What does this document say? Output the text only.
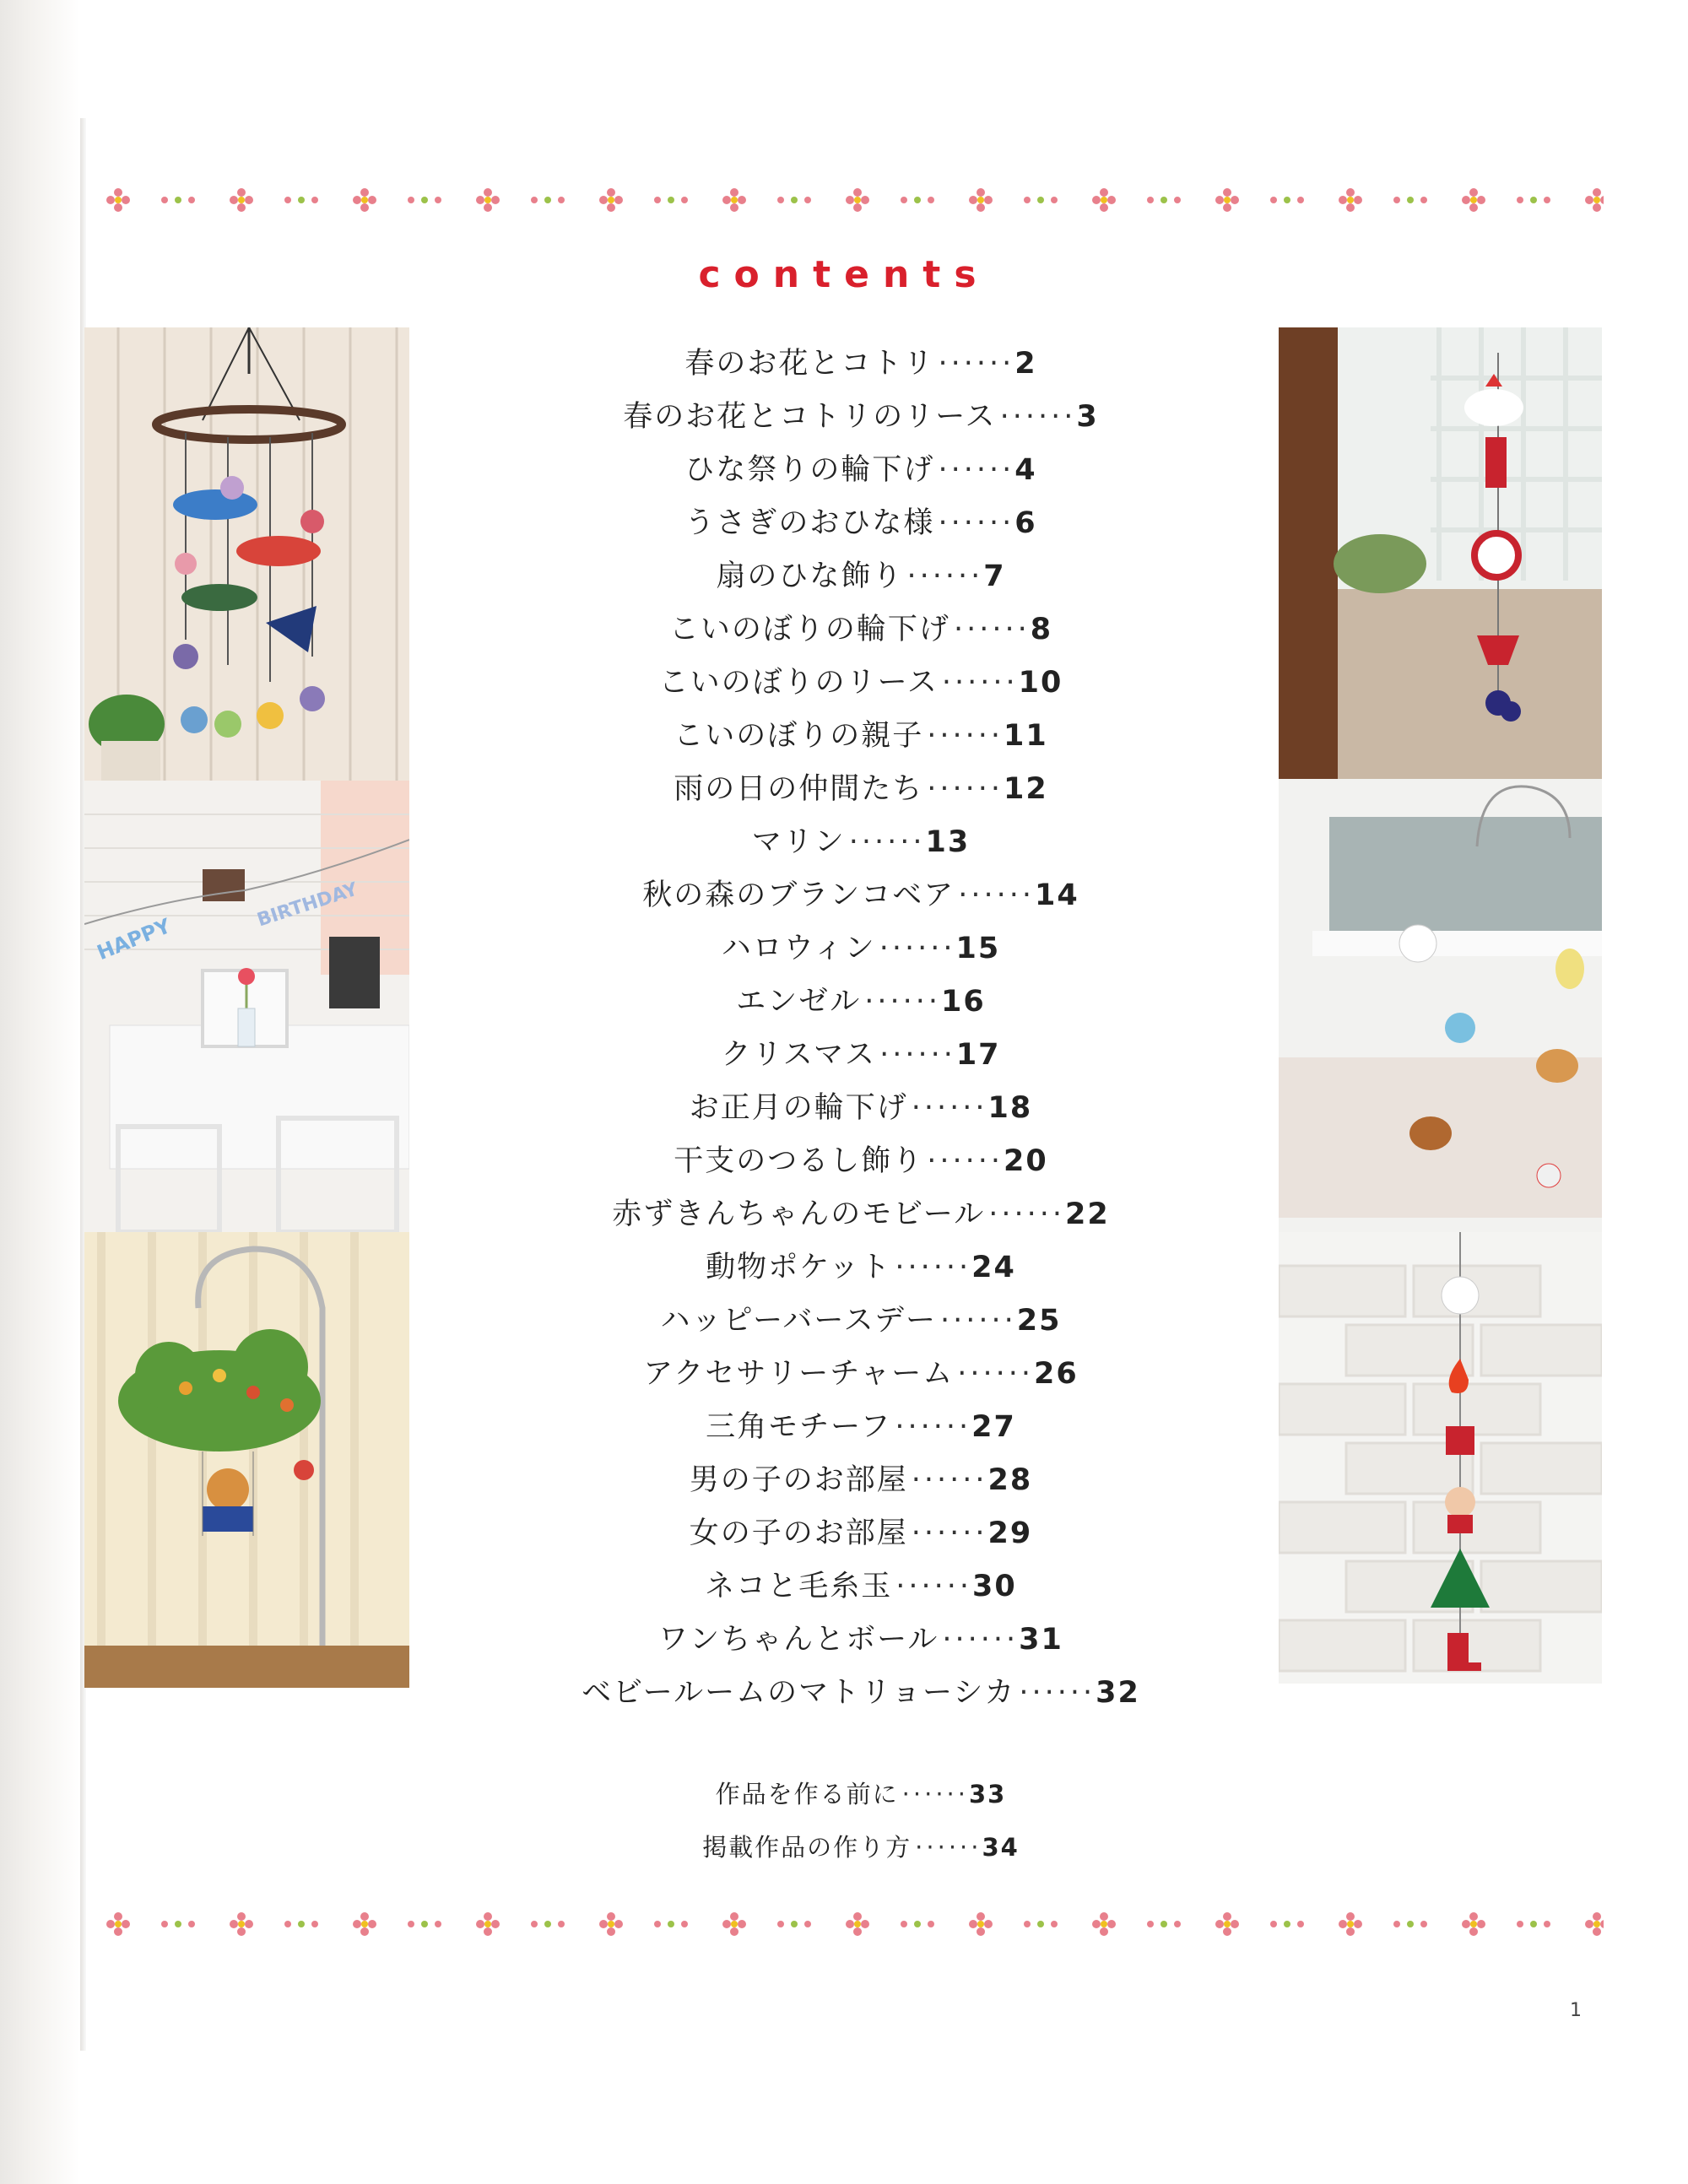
contents
HAPPY
BIRTHDAY
春のお花とコトリ ······2
春のお花とコトリのリース ······3
ひな祭りの輪下げ ······4
うさぎのおひな様 ······6
扇のひな飾り ······7
こいのぼりの輪下げ ······8
こいのぼりのリース ······10
こいのぼりの親子 ······11
雨の日の仲間たち ······12
マリン ······13
秋の森のブランコベア ······14
ハロウィン ······15
エンゼル ······16
クリスマス ······17
お正月の輪下げ ······18
干支のつるし飾り ······20
赤ずきんちゃんのモビール ······22
動物ポケット ······24
ハッピーバースデー ······25
アクセサリーチャーム ······26
三角モチーフ ······27
男の子のお部屋 ······28
女の子のお部屋 ······29
ネコと毛糸玉 ······30
ワンちゃんとボール ······31
ベビールームのマトリョーシカ ······32
作品を作る前に ······33
掲載作品の作り方 ······34
1
